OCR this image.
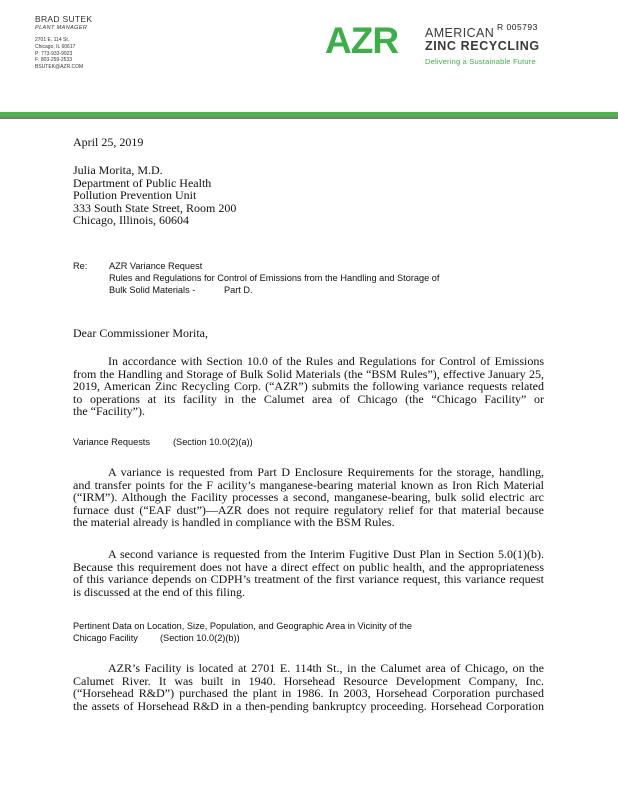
BRAD SUTEK
PLANT MANAGER
2701 E. 114 St.
Chicago, IL 60617
P: 773-933-9923
F: 803-259-2533
BSUTEK@AZR.COM
AZR AMERICAN
ZINC RECYCLING
Delivering a Sustainable Future
R 005793
April 25, 2019
Julia Morita, M.D.
Department of Public Health
Pollution Prevention Unit
333 South State Street, Room 200
Chicago, Illinois, 60604
Re: AZR Variance Request
Rules and Regulations for Control of Emissions from the Handling and Storage of
Bulk Solid Materials -	Part D.
Dear Commissioner Morita,
In accordance with Section 10.0 of the Rules and Regulations for Control of Emissions
from the Handling and Storage of Bulk Solid Materials (the “BSM Rules”), effective January 25,
2019, American Zinc Recycling Corp. (“AZR”) submits the following variance requests related
to operations at its facility in the Calumet area of Chicago (the “Chicago Facility” or
the “Facility”).
Variance Requests	(Section 10.0(2)(a))
A variance is requested from Part D Enclosure Requirements for the storage, handling,
and transfer points for the F acility’s manganese-bearing material known as Iron Rich Material
(“IRM”). Although the Facility processes a second, manganese-bearing, bulk solid electric arc
furnace dust (“EAF dust”)—AZR does not require regulatory relief for that material because
the material already is handled in compliance with the BSM Rules.
A second variance is requested from the Interim Fugitive Dust Plan in Section 5.0(1)(b).
Because this requirement does not have a direct effect on public health, and the appropriateness
of this variance depends on CDPH’s treatment of the first variance request, this variance request
is discussed at the end of this filing.
Pertinent Data on Location, Size, Population, and Geographic Area in Vicinity of the
Chicago Facility (Section 10.0(2)(b))
AZR’s Facility is located at 2701 E. 114th St., in the Calumet area of Chicago, on the
Calumet River. It was built in 1940. Horsehead Resource Development Company, Inc.
(“Horsehead R&D”) purchased the plant in 1986. In 2003, Horsehead Corporation purchased
the assets of Horsehead R&D in a then-pending bankruptcy proceeding. Horsehead Corporation
